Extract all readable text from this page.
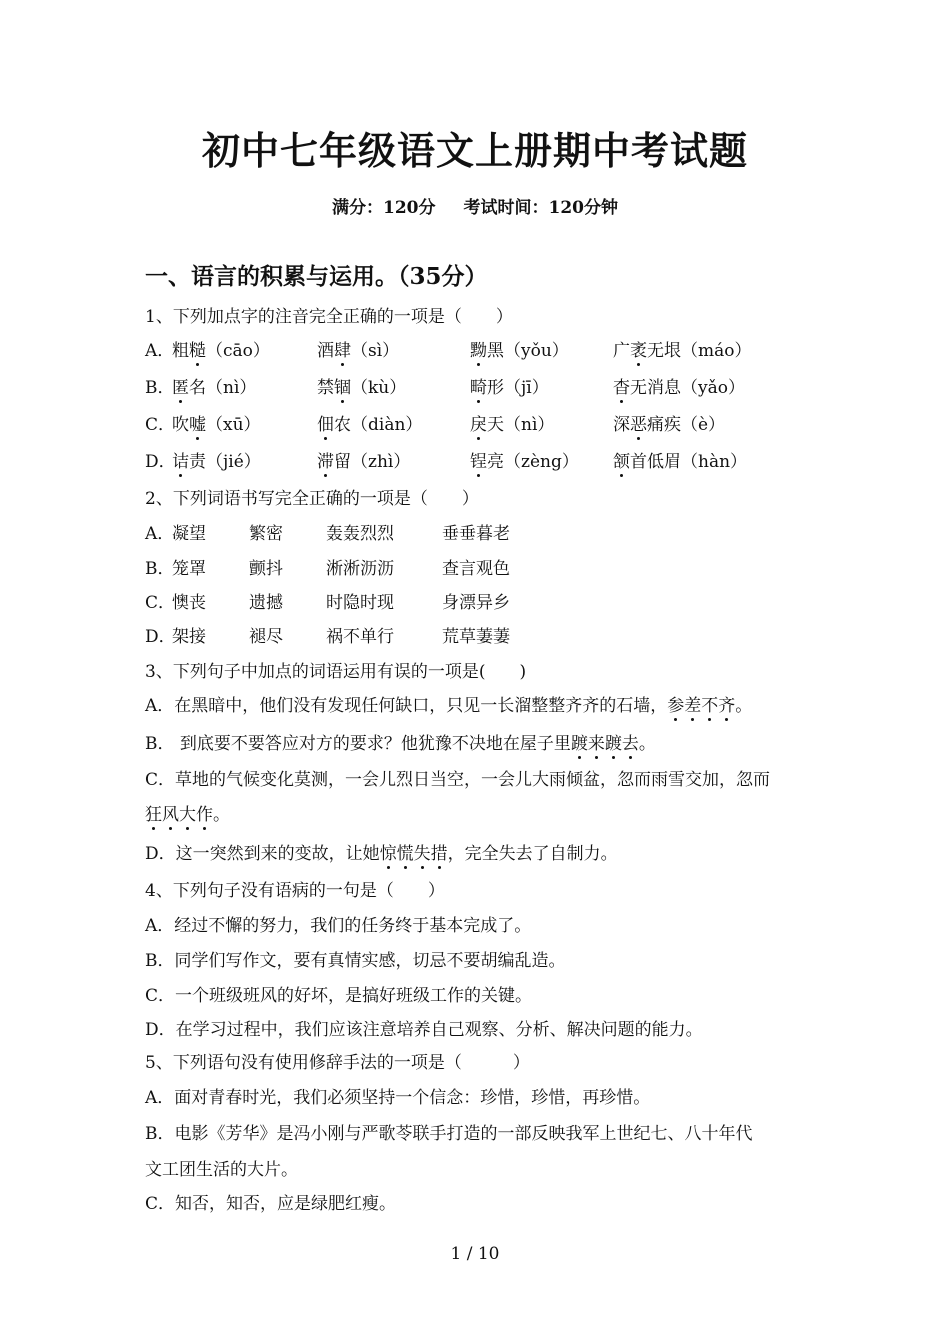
初中七年级语文上册期中考试题
满分：120分 考试时间：120分钟
一、语言的积累与运用。（35分）
1、下列加点字的注音完全正确的一项是（　　）
A．
粗糙（cāo）	酒肆（sì）	黝黑（yǒu）	广袤无垠（máo）
B．
匿名（nì）	禁锢（kù）	畸形（jī）	杳无消息（yǎo）
C．
吹嘘（xū）	佃农（diàn）	戾天（nì）	深恶痛疾（è）
D．
诘责（jié）	滞留（zhì）	锃亮（zèng） 颔首低眉（hàn）
2、下列词语书写完全正确的一项是（　　）
A．
凝望	繁密	轰轰烈烈	垂垂暮老
B．
笼罩	颤抖	淅淅沥沥	查言观色
C．
懊丧	遗撼	时隐时现	身漂异乡
D．
架接	褪尽	祸不单行	荒草萋萋
3、下列句子中加点的词语运用有误的一项是(　　)
A．在黑暗中，他们没有发现任何缺口，只见一长溜整整齐齐的石墙，参差不齐。
B． 到底要不要答应对方的要求？他犹豫不决地在屋子里踱来踱去。
C．草地的气候变化莫测，一会儿烈日当空，一会儿大雨倾盆，忽而雨雪交加，忽而
狂风大作。
D．这一突然到来的变故，让她惊慌失措，完全失去了自制力。
4、下列句子没有语病的一句是（　　）
A．经过不懈的努力，我们的任务终于基本完成了。
B．同学们写作文，要有真情实感，切忌不要胡编乱造。
C．一个班级班风的好坏，是搞好班级工作的关键。
D．在学习过程中，我们应该注意培养自己观察、分析、解决问题的能力。
5、下列语句没有使用修辞手法的一项是（　　　）
A．面对青春时光，我们必须坚持一个信念：珍惜，珍惜，再珍惜。
B．电影《芳华》是冯小刚与严歌苓联手打造的一部反映我军上世纪七、八十年代
文工团生活的大片。
C．知否，知否，应是绿肥红瘦。
1 / 10
